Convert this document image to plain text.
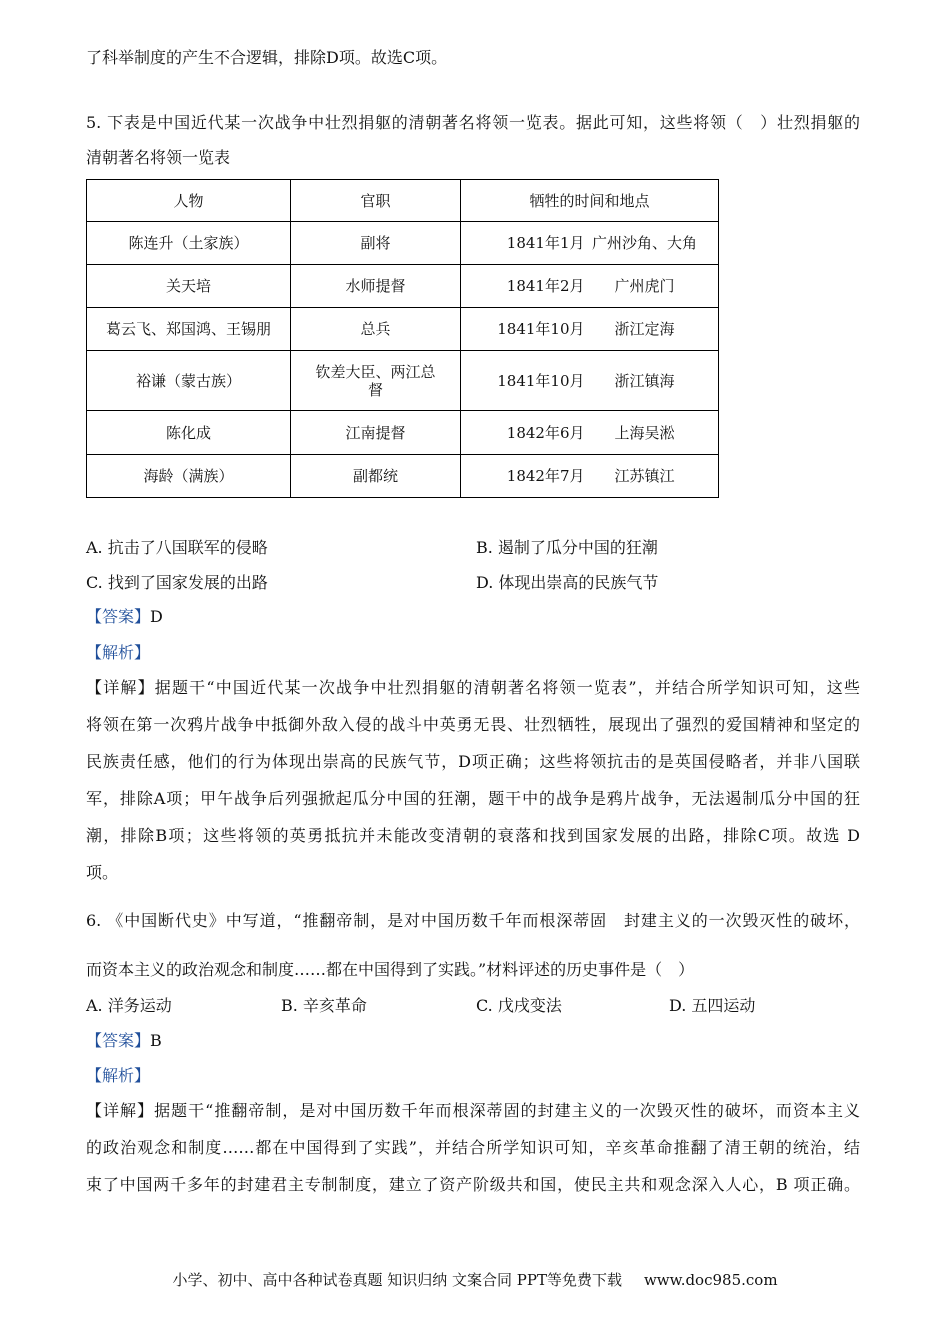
了科举制度的产生不合逻辑，排除D项。故选C项。
5. 下表是中国近代某一次战争中壮烈捐躯的清朝著名将领一览表。据此可知，这些将领（　）壮烈捐躯的
清朝著名将领一览表
人物	官职	牺牲的时间和地点
陈连升（土家族）	副将	1841年1月 广州沙角、大角
关天培	水师提督	1841年2月 广州虎门
葛云飞、郑国鸿、王锡朋	总兵	1841年10月 浙江定海
裕谦（蒙古族）	钦差大臣、两江总
督	1841年10月 浙江镇海
陈化成	江南提督	1842年6月 上海吴淞
海龄（满族）	副都统	1842年7月 江苏镇江
A. 抗击了八国联军的侵略	B. 遏制了瓜分中国的狂潮
C. 找到了国家发展的出路	D. 体现出崇高的民族气节
【答案】D
【解析】
【详解】据题干“中国近代某一次战争中壮烈捐躯的清朝著名将领一览表”，并结合所学知识可知，这些
将领在第一次鸦片战争中抵御外敌入侵的战斗中英勇无畏、壮烈牺牲，展现出了强烈的爱国精神和坚定的
民族责任感，他们的行为体现出崇高的民族气节，D项正确；这些将领抗击的是英国侵略者，并非八国联
军，排除A项；甲午战争后列强掀起瓜分中国的狂潮，题干中的战争是鸦片战争，无法遏制瓜分中国的狂
潮，排除B项；这些将领的英勇抵抗并未能改变清朝的衰落和找到国家发展的出路，排除C项。故选 D
项。
6. 《中国断代史》中写道，“推翻帝制，是对中国历数千年而根深蒂固　封建主义的一次毁灭性的破坏，
而资本主义的政治观念和制度……都在中国得到了实践。”材料评述的历史事件是（　）
A. 洋务运动	B. 辛亥革命	C. 戊戌变法	D. 五四运动
【答案】B
【解析】
【详解】据题干“推翻帝制，是对中国历数千年而根深蒂固的封建主义的一次毁灭性的破坏，而资本主义
的政治观念和制度……都在中国得到了实践”，并结合所学知识可知，辛亥革命推翻了清王朝的统治，结
束了中国两千多年的封建君主专制制度，建立了资产阶级共和国，使民主共和观念深入人心，B 项正确。
小学、初中、高中各种试卷真题 知识归纳 文案合同 PPT等免费下载 www.doc985.com
